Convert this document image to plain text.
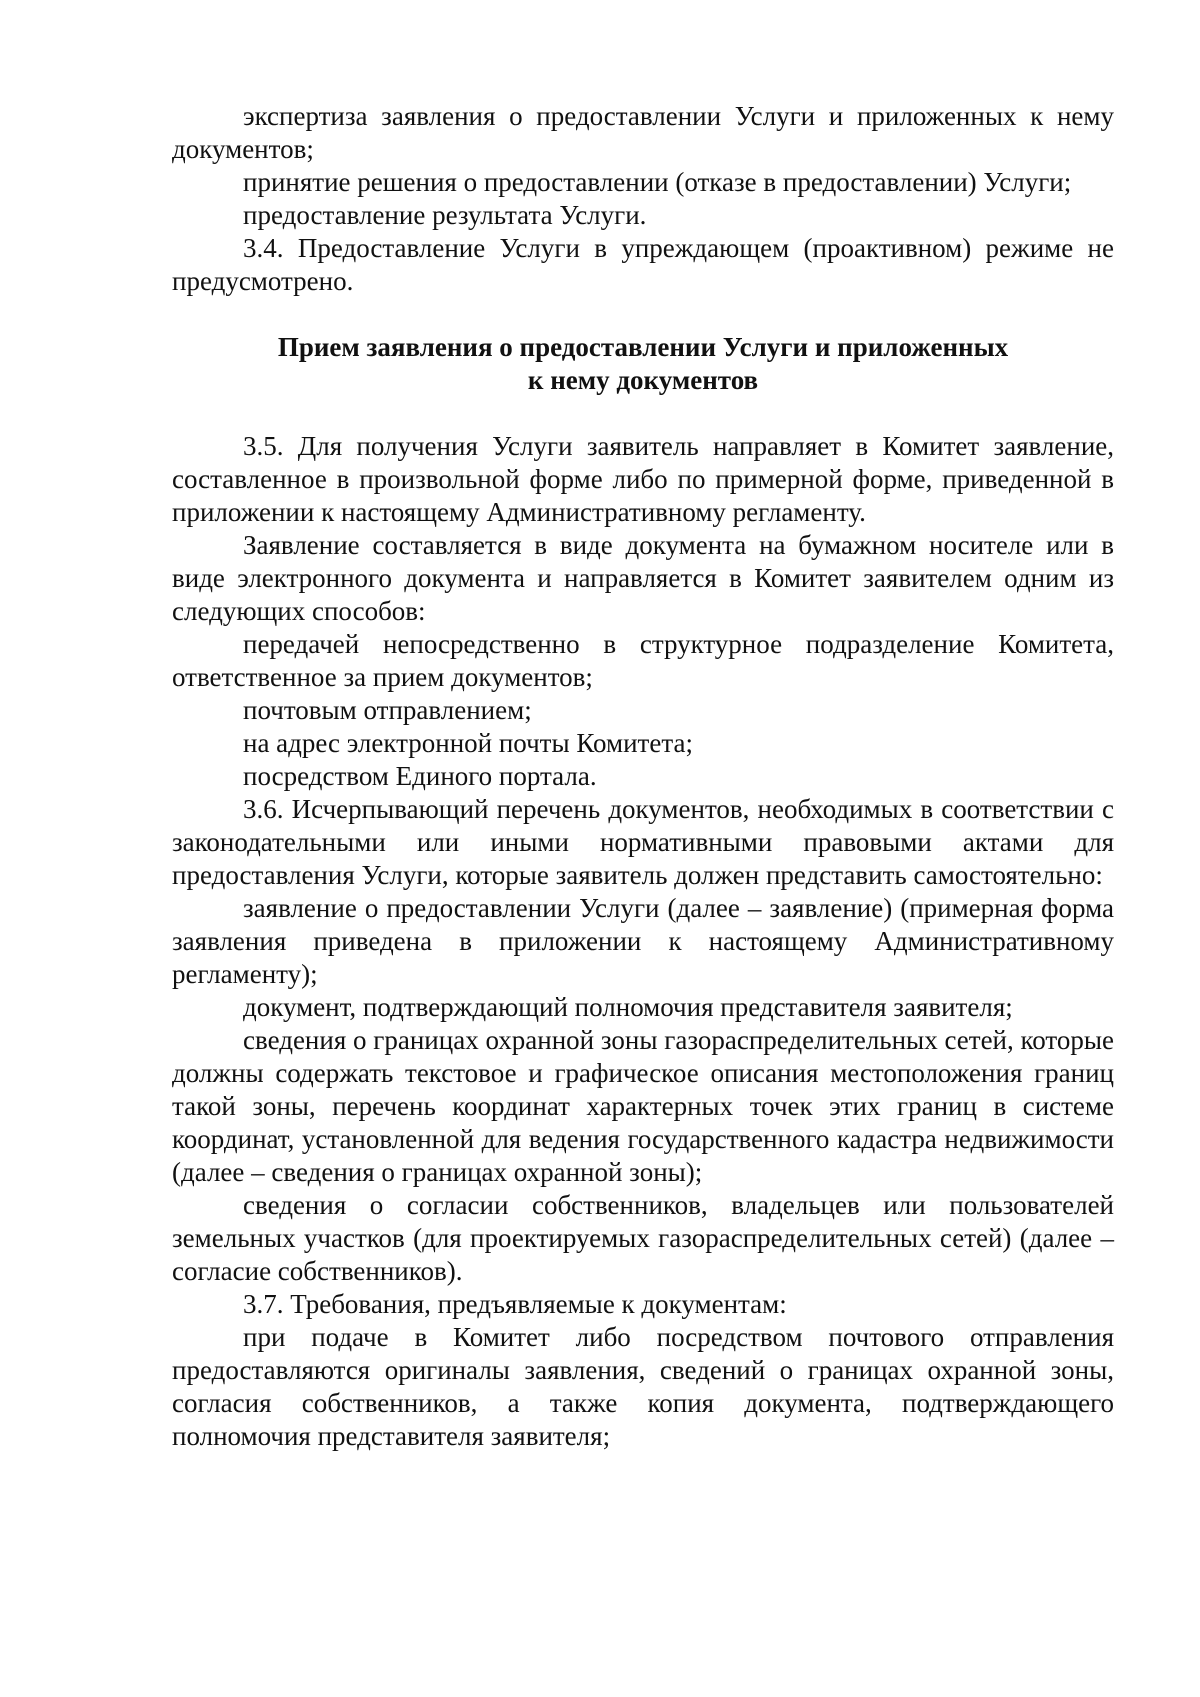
экспертиза заявления о предоставлении Услуги и приложенных к нему документов;

принятие решения о предоставлении (отказе в предоставлении) Услуги;

предоставление результата Услуги.

3.4. Предоставление Услуги в упреждающем (проактивном) режиме не предусмотрено.

Прием заявления о предоставлении Услуги и приложенных
к нему документов

3.5. Для получения Услуги заявитель направляет в Комитет заявление, составленное в произвольной форме либо по примерной форме, приведенной в приложении к настоящему Административному регламенту.

Заявление составляется в виде документа на бумажном носителе или в виде электронного документа и направляется в Комитет заявителем одним из следующих способов:

передачей непосредственно в структурное подразделение Комитета, ответственное за прием документов;

почтовым отправлением;

на адрес электронной почты Комитета;

посредством Единого портала.

3.6. Исчерпывающий перечень документов, необходимых в соответствии с законодательными или иными нормативными правовыми актами для предоставления Услуги, которые заявитель должен представить самостоятельно:

заявление о предоставлении Услуги (далее – заявление) (примерная форма заявления приведена в приложении к настоящему Административному регламенту);

документ, подтверждающий полномочия представителя заявителя;

сведения о границах охранной зоны газораспределительных сетей, которые должны содержать текстовое и графическое описания местоположения границ такой зоны, перечень координат характерных точек этих границ в системе координат, установленной для ведения государственного кадастра недвижимости (далее – сведения о границах охранной зоны);

сведения о согласии собственников, владельцев или пользователей земельных участков (для проектируемых газораспределительных сетей) (далее – согласие собственников).

3.7. Требования, предъявляемые к документам:

при подаче в Комитет либо посредством почтового отправления предоставляются оригиналы заявления, сведений о границах охранной зоны, согласия собственников, а также копия документа, подтверждающего полномочия представителя заявителя;
